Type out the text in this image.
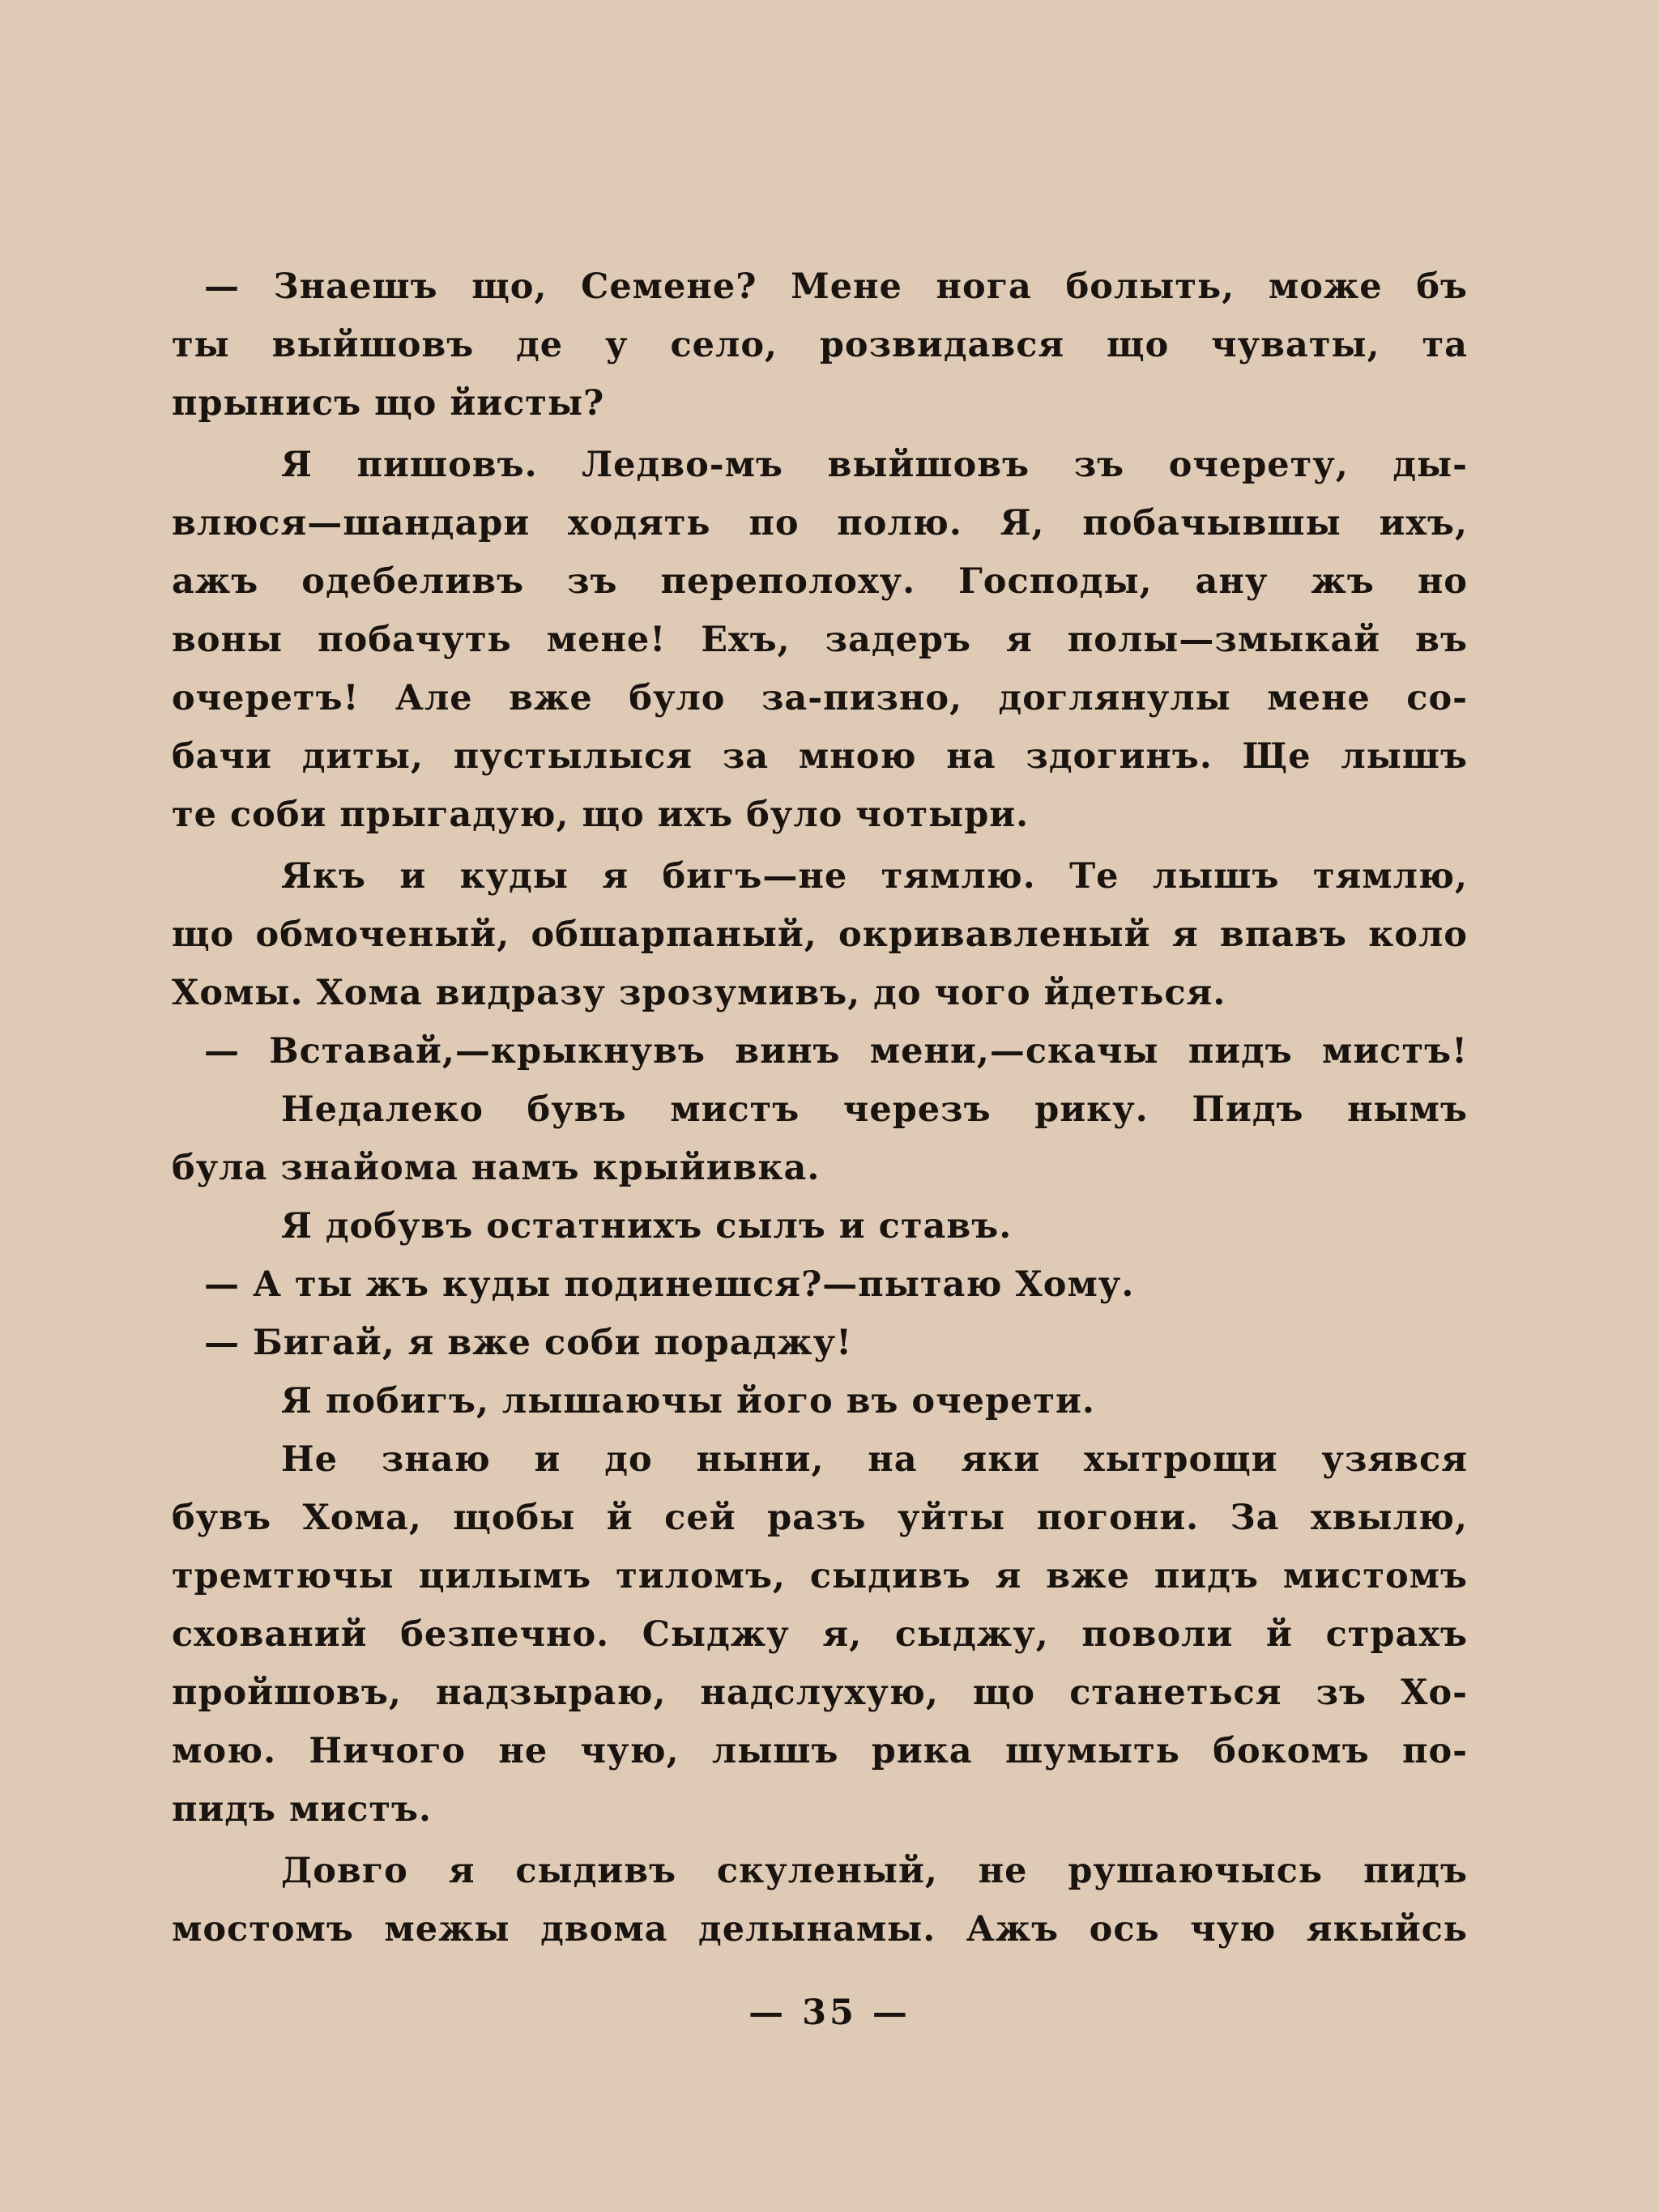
— Знаешъ що, Семене? Мене нога болыть, може бъ
ты выйшовъ де у село, розвидався що чуваты, та
прынисъ що йисты?
Я пишовъ. Ледво-мъ выйшовъ зъ очерету, ды-
влюся—шандари ходять по полю. Я, побачывшы ихъ,
ажъ одебеливъ зъ переполоху. Господы, ану жъ но
воны побачуть мене! Ехъ, задеръ я полы—змыкай въ
очеретъ! Але вже було за-пизно, доглянулы мене со-
бачи диты, пустылыся за мною на здогинъ. Ще лышъ
те соби прыгадую, що ихъ було чотыри.
Якъ и куды я бигъ—не тямлю. Те лышъ тямлю,
що обмоченый, обшарпаный, окривавленый я впавъ коло
Хомы. Хома видразу зрозумивъ, до чого йдеться.
— Вставай,—крыкнувъ винъ мени,—скачы пидъ мистъ!
Недалеко бувъ мистъ черезъ рику. Пидъ нымъ
була знайома намъ крыйивка.
Я добувъ остатнихъ сылъ и ставъ.
— А ты жъ куды подинешся?—пытаю Хому.
— Бигай, я вже соби пораджу!
Я побигъ, лышаючы його въ очерети.
Не знаю и до ныни, на яки хытрощи узявся
бувъ Хома, щобы й сей разъ уйты погони. За хвылю,
тремтючы цилымъ тиломъ, сыдивъ я вже пидъ мистомъ
схований безпечно. Сыджу я, сыджу, поволи й страхъ
пройшовъ, надзыраю, надслухую, що станеться зъ Хо-
мою. Ничого не чую, лышъ рика шумыть бокомъ по-
пидъ мистъ.
Довго я сыдивъ скуленый, не рушаючысь пидъ
мостомъ межы двома делынамы. Ажъ ось чую якыйсь
— 35 —
